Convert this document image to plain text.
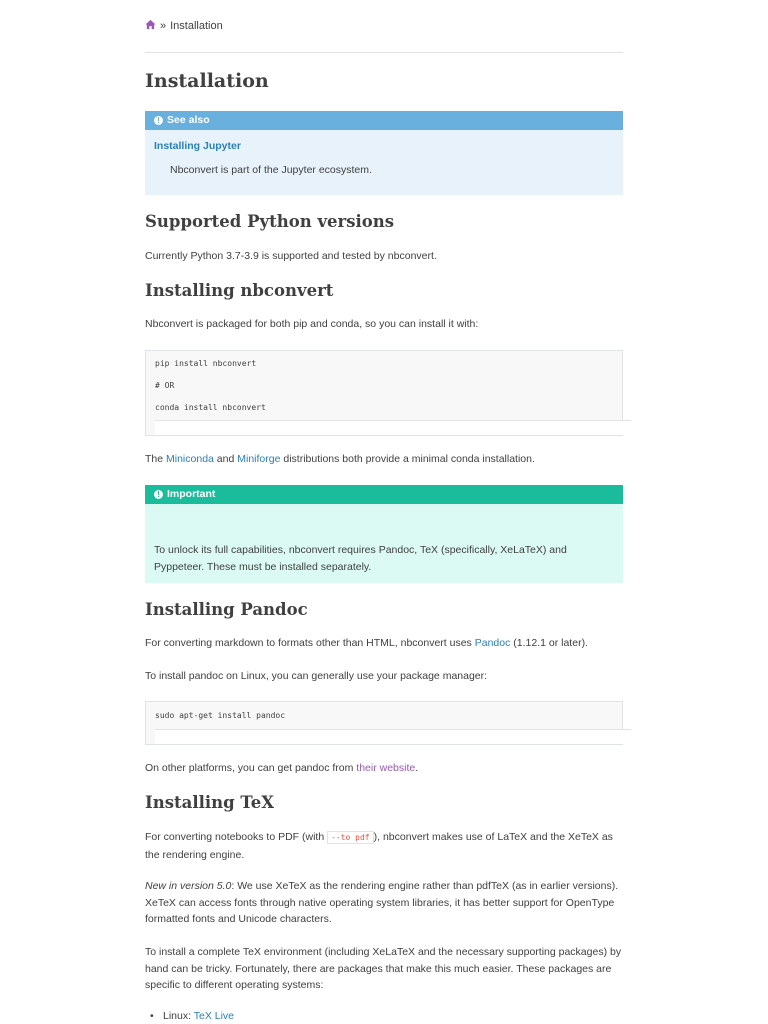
» Installation
Installation
! See also
Installing Jupyter
Nbconvert is part of the Jupyter ecosystem.
Supported Python versions

Currently Python 3.7-3.9 is supported and tested by nbconvert.

Installing nbconvert

Nbconvert is packaged for both pip and conda, so you can install it with:

pip install nbconvert
# OR
conda install nbconvert

The Miniconda and Miniforge distributions both provide a minimal conda installation.

! Important
To unlock its full capabilities, nbconvert requires Pandoc, TeX (specifically, XeLaTeX) and Pyppeteer. These must be installed separately.
Installing Pandoc

For converting markdown to formats other than HTML, nbconvert uses Pandoc (1.12.1 or later).

To install pandoc on Linux, you can generally use your package manager:

sudo apt-get install pandoc

On other platforms, you can get pandoc from their website.

Installing TeX

For converting notebooks to PDF (with --to pdf ), nbconvert makes use of LaTeX and the XeTeX as the rendering engine.

New in version 5.0: We use XeTeX as the rendering engine rather than pdfTeX (as in earlier versions). XeTeX can access fonts through native operating system libraries, it has better support for OpenType formatted fonts and Unicode characters.

To install a complete TeX environment (including XeLaTeX and the necessary supporting packages) by hand can be tricky. Fortunately, there are packages that make this much easier. These packages are specific to different operating systems:

• Linux: TeX Live
